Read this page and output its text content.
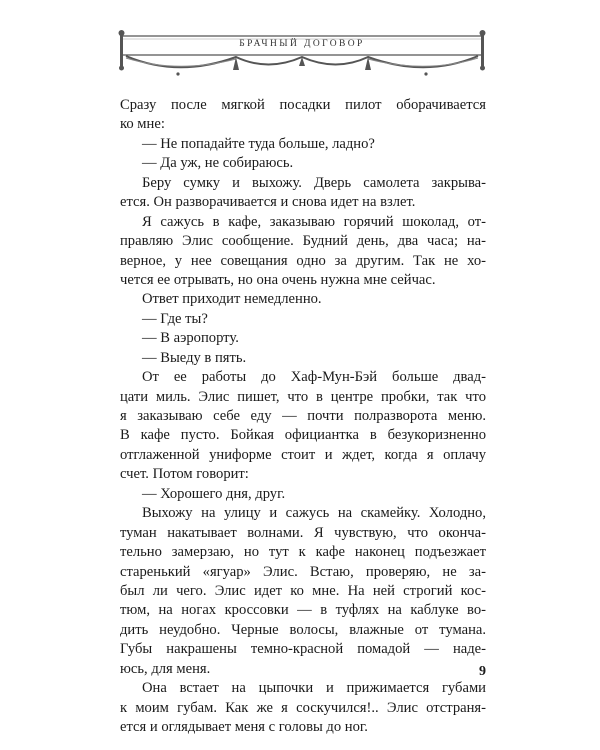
БРАЧНЫЙ ДОГОВОР
Сразу после мягкой посадки пилот оборачивается
ко мне:
— Не попадайте туда больше, ладно?
— Да уж, не собираюсь.
Беру сумку и выхожу. Дверь самолета закрыва-
ется. Он разворачивается и снова идет на взлет.
Я сажусь в кафе, заказываю горячий шоколад, от-
правляю Элис сообщение. Будний день, два часа; на-
верное, у нее совещания одно за другим. Так не хо-
чется ее отрывать, но она очень нужна мне сейчас.
Ответ приходит немедленно.
— Где ты?
— В аэропорту.
— Выеду в пять.
От ее работы до Хаф-Мун-Бэй больше двад-
цати миль. Элис пишет, что в центре пробки, так что
я заказываю себе еду — почти полразворота меню.
В кафе пусто. Бойкая официантка в безукоризненно
отглаженной униформе стоит и ждет, когда я оплачу
счет. Потом говорит:
— Хорошего дня, друг.
Выхожу на улицу и сажусь на скамейку. Холодно,
туман накатывает волнами. Я чувствую, что оконча-
тельно замерзаю, но тут к кафе наконец подъезжает
старенький «ягуар» Элис. Встаю, проверяю, не за-
был ли чего. Элис идет ко мне. На ней строгий кос-
тюм, на ногах кроссовки — в туфлях на каблуке во-
дить неудобно. Черные волосы, влажные от тумана.
Губы накрашены темно-красной помадой — наде-
юсь, для меня.
Она встает на цыпочки и прижимается губами
к моим губам. Как же я соскучился!.. Элис отстраня-
ется и оглядывает меня с головы до ног.
9
